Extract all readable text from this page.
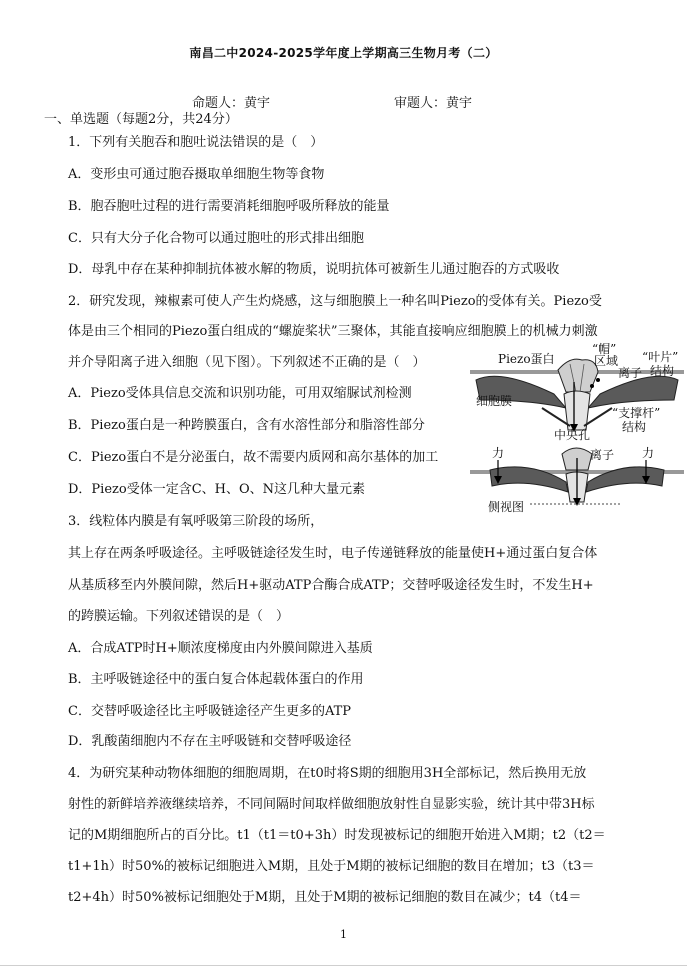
南昌二中2024-2025学年度上学期高三生物月考（二）
命题人：黄宇	审题人：黄宇
一、单选题（每题2分，共24分）
1．下列有关胞吞和胞吐说法错误的是（　）
A．变形虫可通过胞吞摄取单细胞生物等食物
B．胞吞胞吐过程的进行需要消耗细胞呼吸所释放的能量
C．只有大分子化合物可以通过胞吐的形式排出细胞
D．母乳中存在某种抑制抗体被水解的物质，说明抗体可被新生儿通过胞吞的方式吸收
2．研究发现，辣椒素可使人产生灼烧感，这与细胞膜上一种名叫Piezo的受体有关。Piezo受
体是由三个相同的Piezo蛋白组成的“螺旋桨状”三聚体，其能直接响应细胞膜上的机械力刺激
并介导阳离子进入细胞（见下图）。下列叙述不正确的是（　）
A．Piezo受体具信息交流和识别功能，可用双缩脲试剂检测
B．Piezo蛋白是一种跨膜蛋白，含有水溶性部分和脂溶性部分
C．Piezo蛋白不是分泌蛋白，故不需要内质网和高尔基体的加工
D．Piezo受体一定含C、H、O、N这几种大量元素
Piezo蛋白
“帽”
区域 “叶片”
结构
离子
细胞膜
“支撑杆”
结构
中央孔
力	力
离子
侧视图
3．线粒体内膜是有氧呼吸第三阶段的场所，
其上存在两条呼吸途径。主呼吸链途径发生时，电子传递链释放的能量使H+通过蛋白复合体
从基质移至内外膜间隙，然后H+驱动ATP合酶合成ATP；交替呼吸途径发生时，不发生H+
的跨膜运输。下列叙述错误的是（　）
A．合成ATP时H+顺浓度梯度由内外膜间隙进入基质
B．主呼吸链途径中的蛋白复合体起载体蛋白的作用
C．交替呼吸途径比主呼吸链途径产生更多的ATP
D．乳酸菌细胞内不存在主呼吸链和交替呼吸途径
4．为研究某种动物体细胞的细胞周期，在t0时将S期的细胞用3H全部标记，然后换用无放
射性的新鲜培养液继续培养，不同间隔时间取样做细胞放射性自显影实验，统计其中带3H标
记的M期细胞所占的百分比。t1（t1＝t0+3h）时发现被标记的细胞开始进入M期；t2（t2＝
t1+1h）时50%的被标记细胞进入M期，且处于M期的被标记细胞的数目在增加；t3（t3＝
t2+4h）时50%被标记细胞处于M期，且处于M期的被标记细胞的数目在减少；t4（t4＝
1
